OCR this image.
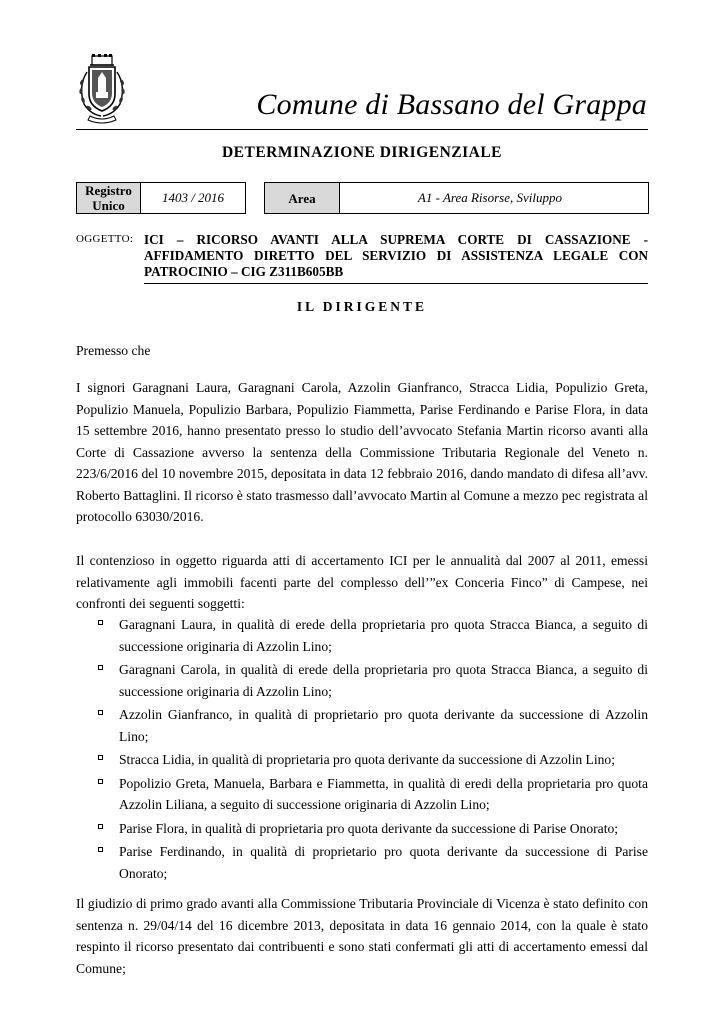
Comune di Bassano del Grappa
DETERMINAZIONE DIRIGENZIALE
Registro Unico
1403 / 2016	Area	A1 - Area Risorse, Sviluppo
OGGETTO: ICI – RICORSO AVANTI ALLA SUPREMA CORTE DI CASSAZIONE - AFFIDAMENTO DIRETTO DEL SERVIZIO DI ASSISTENZA LEGALE CON PATROCINIO – CIG Z311B605BB
IL DIRIGENTE

Premesso che

I signori Garagnani Laura, Garagnani Carola, Azzolin Gianfranco, Stracca Lidia, Populizio Greta, Populizio Manuela, Populizio Barbara, Populizio Fiammetta, Parise Ferdinando e Parise Flora, in data 15 settembre 2016, hanno presentato presso lo studio dell’avvocato Stefania Martin ricorso avanti alla Corte di Cassazione avverso la sentenza della Commissione Tributaria Regionale del Veneto n. 223/6/2016 del 10 novembre 2015, depositata in data 12 febbraio 2016, dando mandato di difesa all’avv. Roberto Battaglini. Il ricorso è stato trasmesso dall’avvocato Martin al Comune a mezzo pec registrata al protocollo 63030/2016.

Il contenzioso in oggetto riguarda atti di accertamento ICI per le annualità dal 2007 al 2011, emessi relativamente agli immobili facenti parte del complesso dell’”ex Conceria Finco” di Campese, nei confronti dei seguenti soggetti:

Garagnani Laura, in qualità di erede della proprietaria pro quota Stracca Bianca, a seguito di successione originaria di Azzolin Lino;
Garagnani Carola, in qualità di erede della proprietaria pro quota Stracca Bianca, a seguito di successione originaria di Azzolin Lino;
Azzolin Gianfranco, in qualità di proprietario pro quota derivante da successione di Azzolin Lino;
Stracca Lidia, in qualità di proprietaria pro quota derivante da successione di Azzolin Lino;
Popolizio Greta, Manuela, Barbara e Fiammetta, in qualità di eredi della proprietaria pro quota Azzolin Liliana, a seguito di successione originaria di Azzolin Lino;
Parise Flora, in qualità di proprietaria pro quota derivante da successione di Parise Onorato;
Parise Ferdinando, in qualità di proprietario pro quota derivante da successione di Parise Onorato;

Il giudizio di primo grado avanti alla Commissione Tributaria Provinciale di Vicenza è stato definito con sentenza n. 29/04/14 del 16 dicembre 2013, depositata in data 16 gennaio 2014, con la quale è stato respinto il ricorso presentato dai contribuenti e sono stati confermati gli atti di accertamento emessi dal Comune;
